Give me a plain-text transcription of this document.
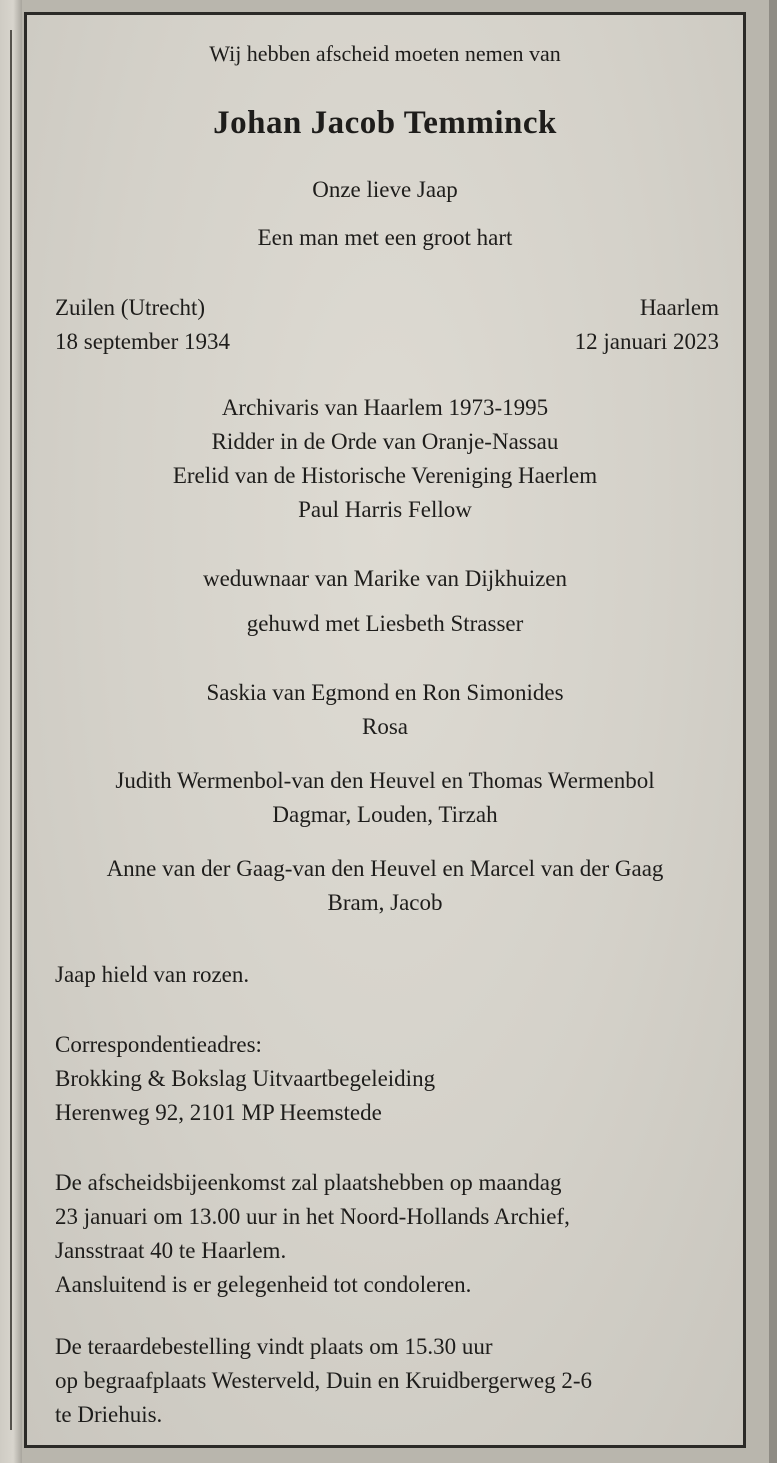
Wij hebben afscheid moeten nemen van
Johan Jacob Temminck
Onze lieve Jaap
Een man met een groot hart
Zuilen (Utrecht)
18 september 1934
Haarlem
12 januari 2023
Archivaris van Haarlem 1973-1995
Ridder in de Orde van Oranje-Nassau
Erelid van de Historische Vereniging Haerlem
Paul Harris Fellow
weduwnaar van Marike van Dijkhuizen
gehuwd met Liesbeth Strasser
Saskia van Egmond en Ron Simonides
Rosa
Judith Wermenbol-van den Heuvel en Thomas Wermenbol
Dagmar, Louden, Tirzah
Anne van der Gaag-van den Heuvel en Marcel van der Gaag
Bram, Jacob
Jaap hield van rozen.
Correspondentieadres:
Brokking & Bokslag Uitvaartbegeleiding
Herenweg 92, 2101 MP Heemstede
De afscheidsbijeenkomst zal plaatshebben op maandag
23 januari om 13.00 uur in het Noord-Hollands Archief,
Jansstraat 40 te Haarlem.
Aansluitend is er gelegenheid tot condoleren.
De teraardebestelling vindt plaats om 15.30 uur
op begraafplaats Westerveld, Duin en Kruidbergerweg 2-6
te Driehuis.
